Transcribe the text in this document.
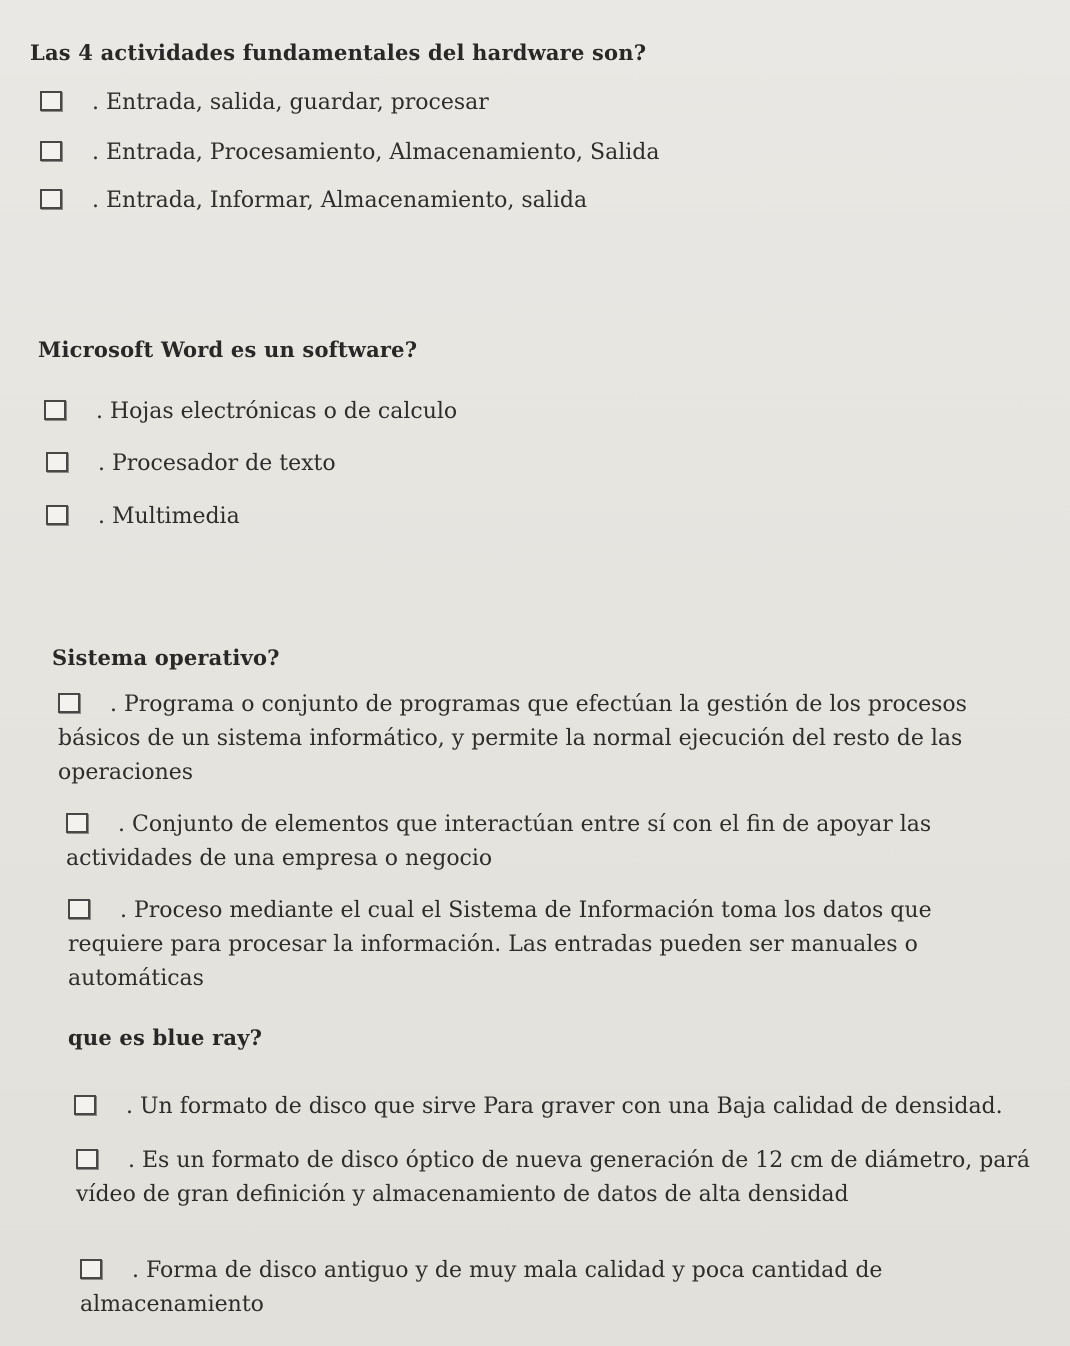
Las 4 actividades fundamentales del hardware son?
. Entrada, salida, guardar, procesar
. Entrada, Procesamiento, Almacenamiento, Salida
. Entrada, Informar, Almacenamiento, salida
Microsoft Word es un software?
. Hojas electrónicas o de calculo
. Procesador de texto
. Multimedia
Sistema operativo?
. Programa o conjunto de programas que efectúan la gestión de los procesos básicos de un sistema informático, y permite la normal ejecución del resto de las operaciones
. Conjunto de elementos que interactúan entre sí con el fin de apoyar las actividades de una empresa o negocio
. Proceso mediante el cual el Sistema de Información toma los datos que requiere para procesar la información. Las entradas pueden ser manuales o automáticas
que es blue ray?
. Un formato de disco que sirve Para graver con una Baja calidad de densidad.
. Es un formato de disco óptico de nueva generación de 12 cm de diámetro, pará vídeo de gran definición y almacenamiento de datos de alta densidad
. Forma de disco antiguo y de muy mala calidad y poca cantidad de almacenamiento
